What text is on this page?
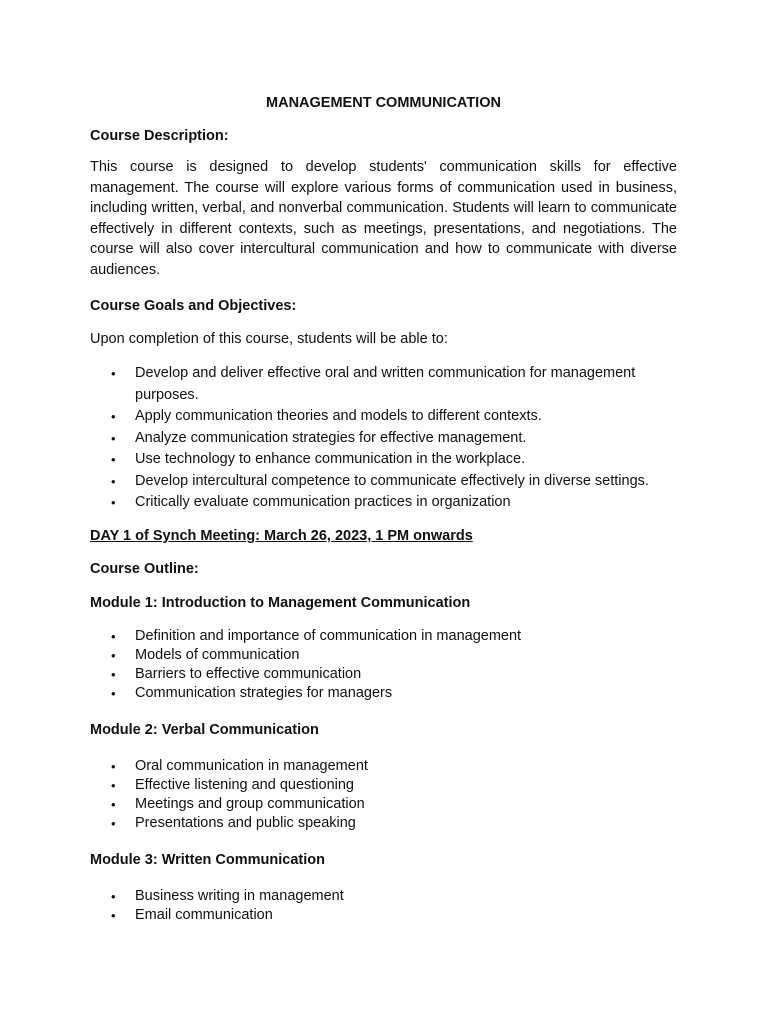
MANAGEMENT COMMUNICATION
Course Description:
This course is designed to develop students' communication skills for effective management. The course will explore various forms of communication used in business, including written, verbal, and nonverbal communication. Students will learn to communicate effectively in different contexts, such as meetings, presentations, and negotiations. The course will also cover intercultural communication and how to communicate with diverse audiences.
Course Goals and Objectives:
Upon completion of this course, students will be able to:
• Develop and deliver effective oral and written communication for management purposes.
• Apply communication theories and models to different contexts.
• Analyze communication strategies for effective management.
• Use technology to enhance communication in the workplace.
• Develop intercultural competence to communicate effectively in diverse settings.
• Critically evaluate communication practices in organization
DAY 1 of Synch Meeting: March 26, 2023, 1 PM onwards
Course Outline:
Module 1: Introduction to Management Communication
• Definition and importance of communication in management
• Models of communication
• Barriers to effective communication
• Communication strategies for managers
Module 2: Verbal Communication
• Oral communication in management
• Effective listening and questioning
• Meetings and group communication
• Presentations and public speaking
Module 3: Written Communication
• Business writing in management
• Email communication
